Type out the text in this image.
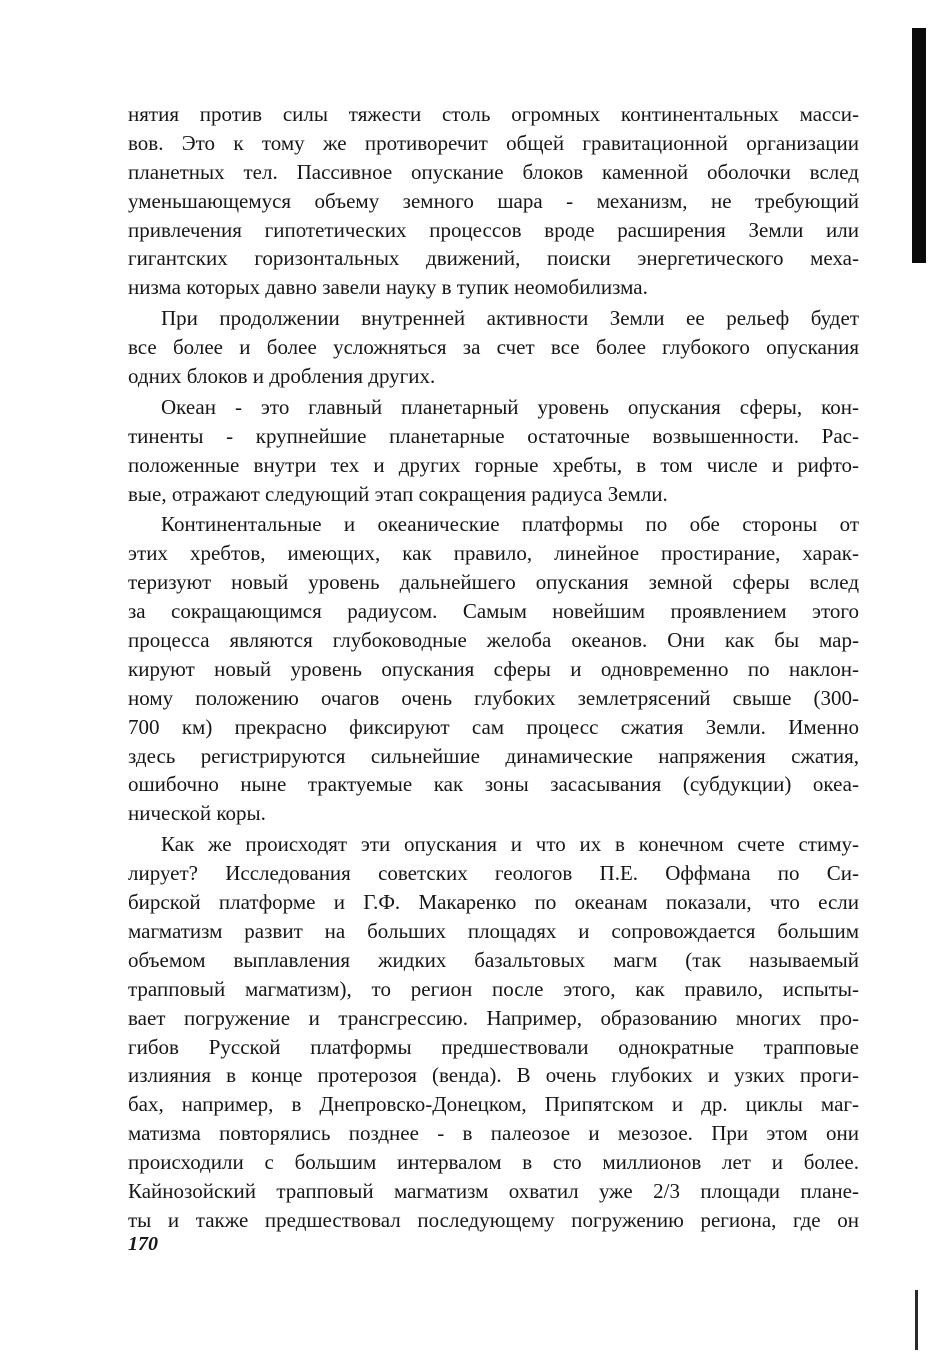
нятия против силы тяжести столь огромных континентальных масси-
вов. Это к тому же противоречит общей гравитационной организации
планетных тел. Пассивное опускание блоков каменной оболочки вслед
уменьшающемуся объему земного шара - механизм, не требующий
привлечения гипотетических процессов вроде расширения Земли или
гигантских горизонтальных движений, поиски энергетического меха-
низма которых давно завели науку в тупик неомобилизма.
При продолжении внутренней активности Земли ее рельеф будет
все более и более усложняться за счет все более глубокого опускания
одних блоков и дробления других.
Океан - это главный планетарный уровень опускания сферы, кон-
тиненты - крупнейшие планетарные остаточные возвышенности. Рас-
положенные внутри тех и других горные хребты, в том числе и рифто-
вые, отражают следующий этап сокращения радиуса Земли.
Континентальные и океанические платформы по обе стороны от
этих хребтов, имеющих, как правило, линейное простирание, харак-
теризуют новый уровень дальнейшего опускания земной сферы вслед
за сокращающимся радиусом. Самым новейшим проявлением этого
процесса являются глубоководные желоба океанов. Они как бы мар-
кируют новый уровень опускания сферы и одновременно по наклон-
ному положению очагов очень глубоких землетрясений свыше (300-
700 км) прекрасно фиксируют сам процесс сжатия Земли. Именно
здесь регистрируются сильнейшие динамические напряжения сжатия,
ошибочно ныне трактуемые как зоны засасывания (субдукции) океа-
нической коры.
Как же происходят эти опускания и что их в конечном счете стиму-
лирует? Исследования советских геологов П.Е. Оффмана по Си-
бирской платформе и Г.Ф. Макаренко по океанам показали, что если
магматизм развит на больших площадях и сопровождается большим
объемом выплавления жидких базальтовых магм (так называемый
трапповый магматизм), то регион после этого, как правило, испыты-
вает погружение и трансгрессию. Например, образованию многих про-
гибов Русской платформы предшествовали однократные трапповые
излияния в конце протерозоя (венда). В очень глубоких и узких проги-
бах, например, в Днепровско-Донецком, Припятском и др. циклы маг-
матизма повторялись позднее - в палеозое и мезозое. При этом они
происходили с большим интервалом в сто миллионов лет и более.
Кайнозойский трапповый магматизм охватил уже 2/3 площади плане-
ты и также предшествовал последующему погружению региона, где он
170
